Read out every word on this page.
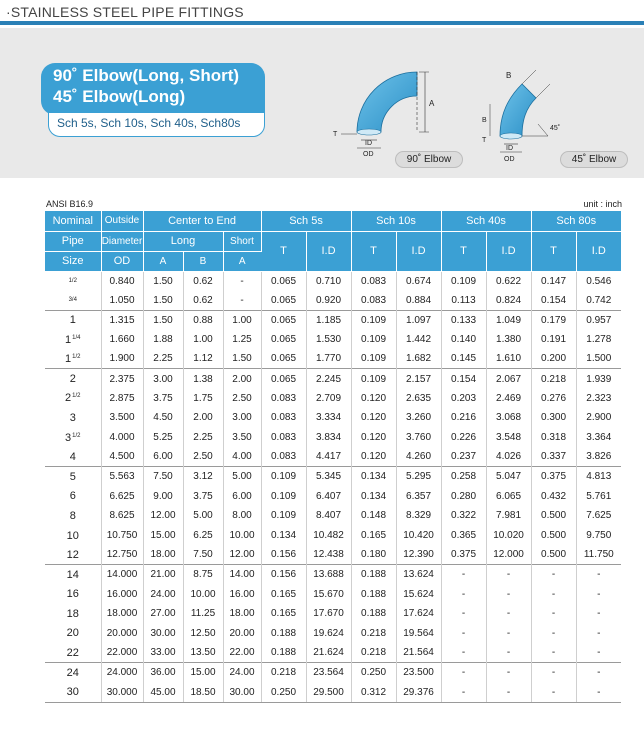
·STAINLESS STEEL PIPE FITTINGS
90˚ Elbow(Long, Short)
45˚ Elbow(Long)
Sch 5s, Sch 10s, Sch 40s, Sch80s
A
T
ID
OD
B
B
45˚
T
ID
OD
90˚ Elbow	45˚ Elbow
ANSI B16.9	unit : inch
Nominal	Outside	Center to End			Sch 5s		Sch 10s		Sch 40s		Sch 80s	
Pipe	Diameter	Long		Short	T	I.D	T	I.D	T	I.D	T	I.D
Size	OD	A	B	A								
1/2	0.840	1.50	0.62	-	0.065	0.710	0.083	0.674	0.109	0.622	0.147	0.546
3/4	1.050	1.50	0.62	-	0.065	0.920	0.083	0.884	0.113	0.824	0.154	0.742
1	1.315	1.50	0.88	1.00	0.065	1.185	0.109	1.097	0.133	1.049	0.179	0.957
$1^{1/4}$	1.660	1.88	1.00	1.25	0.065	1.530	0.109	1.442	0.140	1.380	0.191	1.278
$1^{1/2}$	1.900	2.25	1.12	1.50	0.065	1.770	0.109	1.682	0.145	1.610	0.200	1.500
2	2.375	3.00	1.38	2.00	0.065	2.245	0.109	2.157	0.154	2.067	0.218	1.939
$2^{1/2}$	2.875	3.75	1.75	2.50	0.083	2.709	0.120	2.635	0.203	2.469	0.276	2.323
3	3.500	4.50	2.00	3.00	0.083	3.334	0.120	3.260	0.216	3.068	0.300	2.900
$3^{1/2}$	4.000	5.25	2.25	3.50	0.083	3.834	0.120	3.760	0.226	3.548	0.318	3.364
4	4.500	6.00	2.50	4.00	0.083	4.417	0.120	4.260	0.237	4.026	0.337	3.826
5	5.563	7.50	3.12	5.00	0.109	5.345	0.134	5.295	0.258	5.047	0.375	4.813
6	6.625	9.00	3.75	6.00	0.109	6.407	0.134	6.357	0.280	6.065	0.432	5.761
8	8.625	12.00	5.00	8.00	0.109	8.407	0.148	8.329	0.322	7.981	0.500	7.625
10	10.750	15.00	6.25	10.00	0.134	10.482	0.165	10.420	0.365	10.020	0.500	9.750
12	12.750	18.00	7.50	12.00	0.156	12.438	0.180	12.390	0.375	12.000	0.500	11.750
14	14.000	21.00	8.75	14.00	0.156	13.688	0.188	13.624	-	-	-	-
16	16.000	24.00	10.00	16.00	0.165	15.670	0.188	15.624	-	-	-	-
18	18.000	27.00	11.25	18.00	0.165	17.670	0.188	17.624	-	-	-	-
20	20.000	30.00	12.50	20.00	0.188	19.624	0.218	19.564	-	-	-	-
22	22.000	33.00	13.50	22.00	0.188	21.624	0.218	21.564	-	-	-	-
24	24.000	36.00	15.00	24.00	0.218	23.564	0.250	23.500	-	-	-	-
30	30.000	45.00	18.50	30.00	0.250	29.500	0.312	29.376	-	-	-	-
